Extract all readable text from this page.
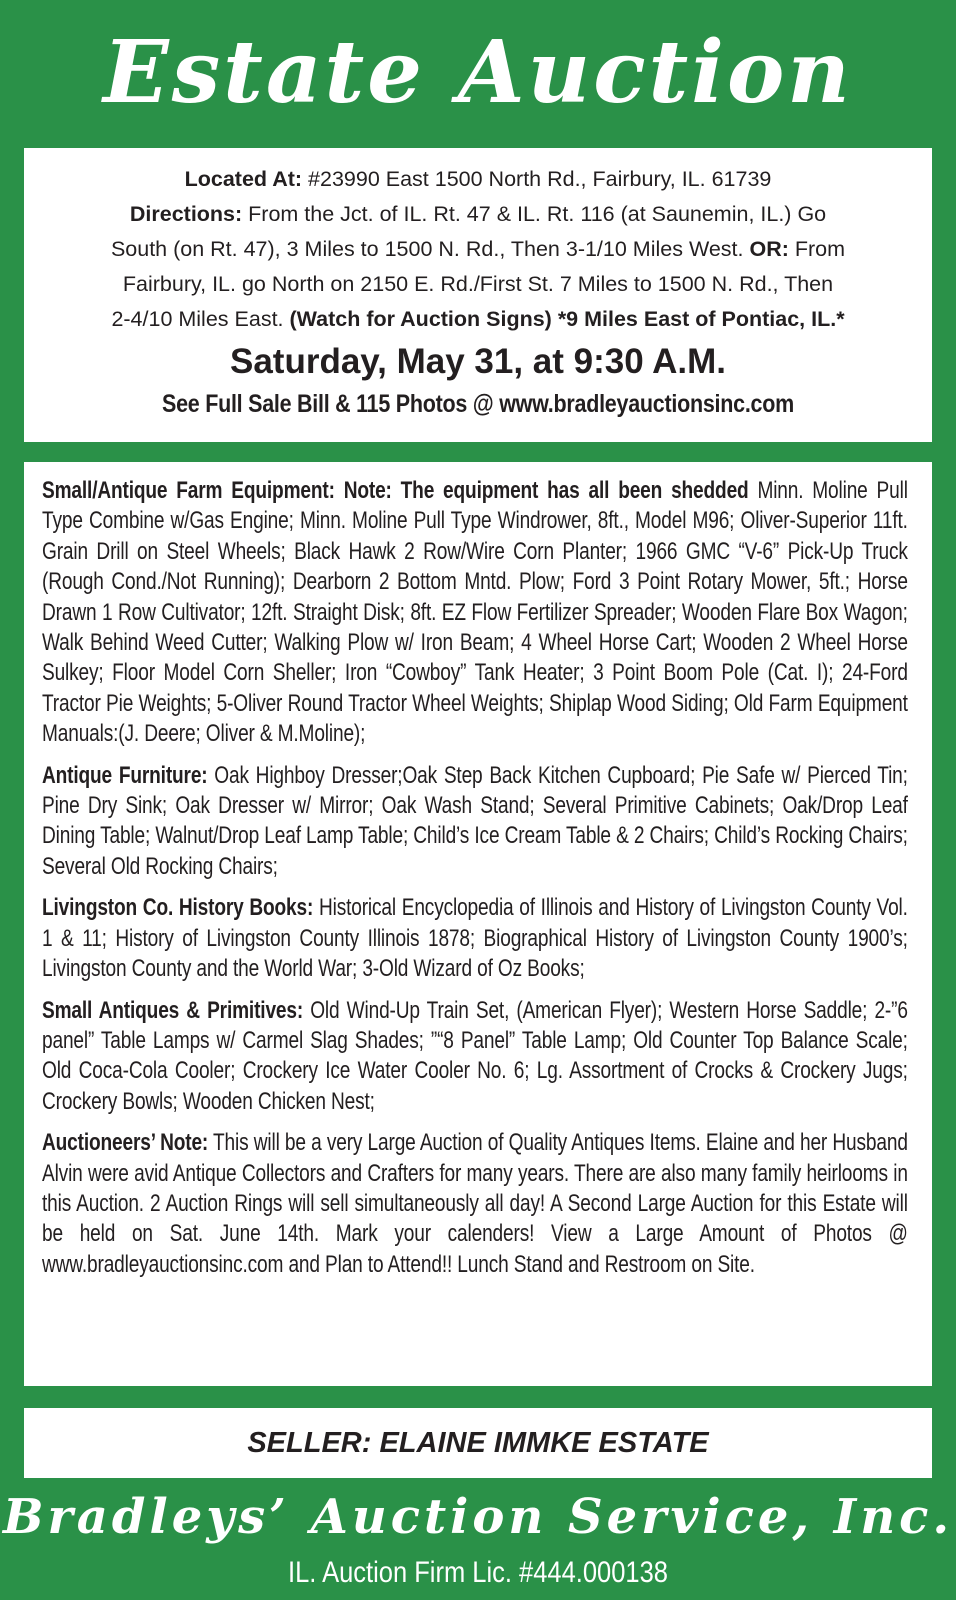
Estate Auction
Located At: #23990 East 1500 North Rd., Fairbury, IL. 61739
Directions: From the Jct. of IL. Rt. 47 & IL. Rt. 116 (at Saunemin, IL.) Go
South (on Rt. 47), 3 Miles to 1500 N. Rd., Then 3-1/10 Miles West. OR: From
Fairbury, IL. go North on 2150 E. Rd./First St. 7 Miles to 1500 N. Rd., Then
2-4/10 Miles East. (Watch for Auction Signs) *9 Miles East of Pontiac, IL.*
Saturday, May 31, at 9:30 A.M.
See Full Sale Bill & 115 Photos @ www.bradleyauctionsinc.com
Small/Antique Farm Equipment: Note: The equipment has all been shedded Minn. Moline Pull Type Combine w/Gas Engine; Minn. Moline Pull Type Windrower, 8ft., Model M96; Oliver-Superior 11ft. Grain Drill on Steel Wheels; Black Hawk 2 Row/Wire Corn Planter; 1966 GMC “V-6” Pick-Up Truck (Rough Cond./Not Running); Dearborn 2 Bottom Mntd. Plow; Ford 3 Point Rotary Mower, 5ft.; Horse Drawn 1 Row Cultivator; 12ft. Straight Disk; 8ft. EZ Flow Fertilizer Spreader; Wooden Flare Box Wagon; Walk Behind Weed Cutter; Walking Plow w/ Iron Beam; 4 Wheel Horse Cart; Wooden 2 Wheel Horse Sulkey; Floor Model Corn Sheller; Iron “Cowboy” Tank Heater; 3 Point Boom Pole (Cat. I); 24-Ford Tractor Pie Weights; 5-Oliver Round Tractor Wheel Weights; Shiplap Wood Siding; Old Farm Equipment Manuals:(J. Deere; Oliver & M.Moline);
Antique Furniture: Oak Highboy Dresser;Oak Step Back Kitchen Cupboard; Pie Safe w/ Pierced Tin; Pine Dry Sink; Oak Dresser w/ Mirror; Oak Wash Stand; Several Primitive Cabinets; Oak/Drop Leaf Dining Table; Walnut/Drop Leaf Lamp Table; Child’s Ice Cream Table & 2 Chairs; Child’s Rocking Chairs; Several Old Rocking Chairs;
Livingston Co. History Books: Historical Encyclopedia of Illinois and History of Livingston County Vol. 1 & 11; History of Livingston County Illinois 1878; Biographical History of Livingston County 1900’s; Livingston County and the World War; 3-Old Wizard of Oz Books;
Small Antiques & Primitives: Old Wind-Up Train Set, (American Flyer); Western Horse Saddle; 2-”6 panel” Table Lamps w/ Carmel Slag Shades; ”“8 Panel” Table Lamp; Old Counter Top Balance Scale; Old Coca-Cola Cooler; Crockery Ice Water Cooler No. 6; Lg. Assortment of Crocks & Crockery Jugs; Crockery Bowls; Wooden Chicken Nest;
Auctioneers’ Note: This will be a very Large Auction of Quality Antiques Items. Elaine and her Husband Alvin were avid Antique Collectors and Crafters for many years. There are also many family heirlooms in this Auction. 2 Auction Rings will sell simultaneously all day! A Second Large Auction for this Estate will be held on Sat. June 14th. Mark your calenders! View a Large Amount of Photos @ www.bradleyauctionsinc.com and Plan to Attend!! Lunch Stand and Restroom on Site.
SELLER: ELAINE IMMKE ESTATE
Bradleys’ Auction Service, Inc.
IL. Auction Firm Lic. #444.000138
